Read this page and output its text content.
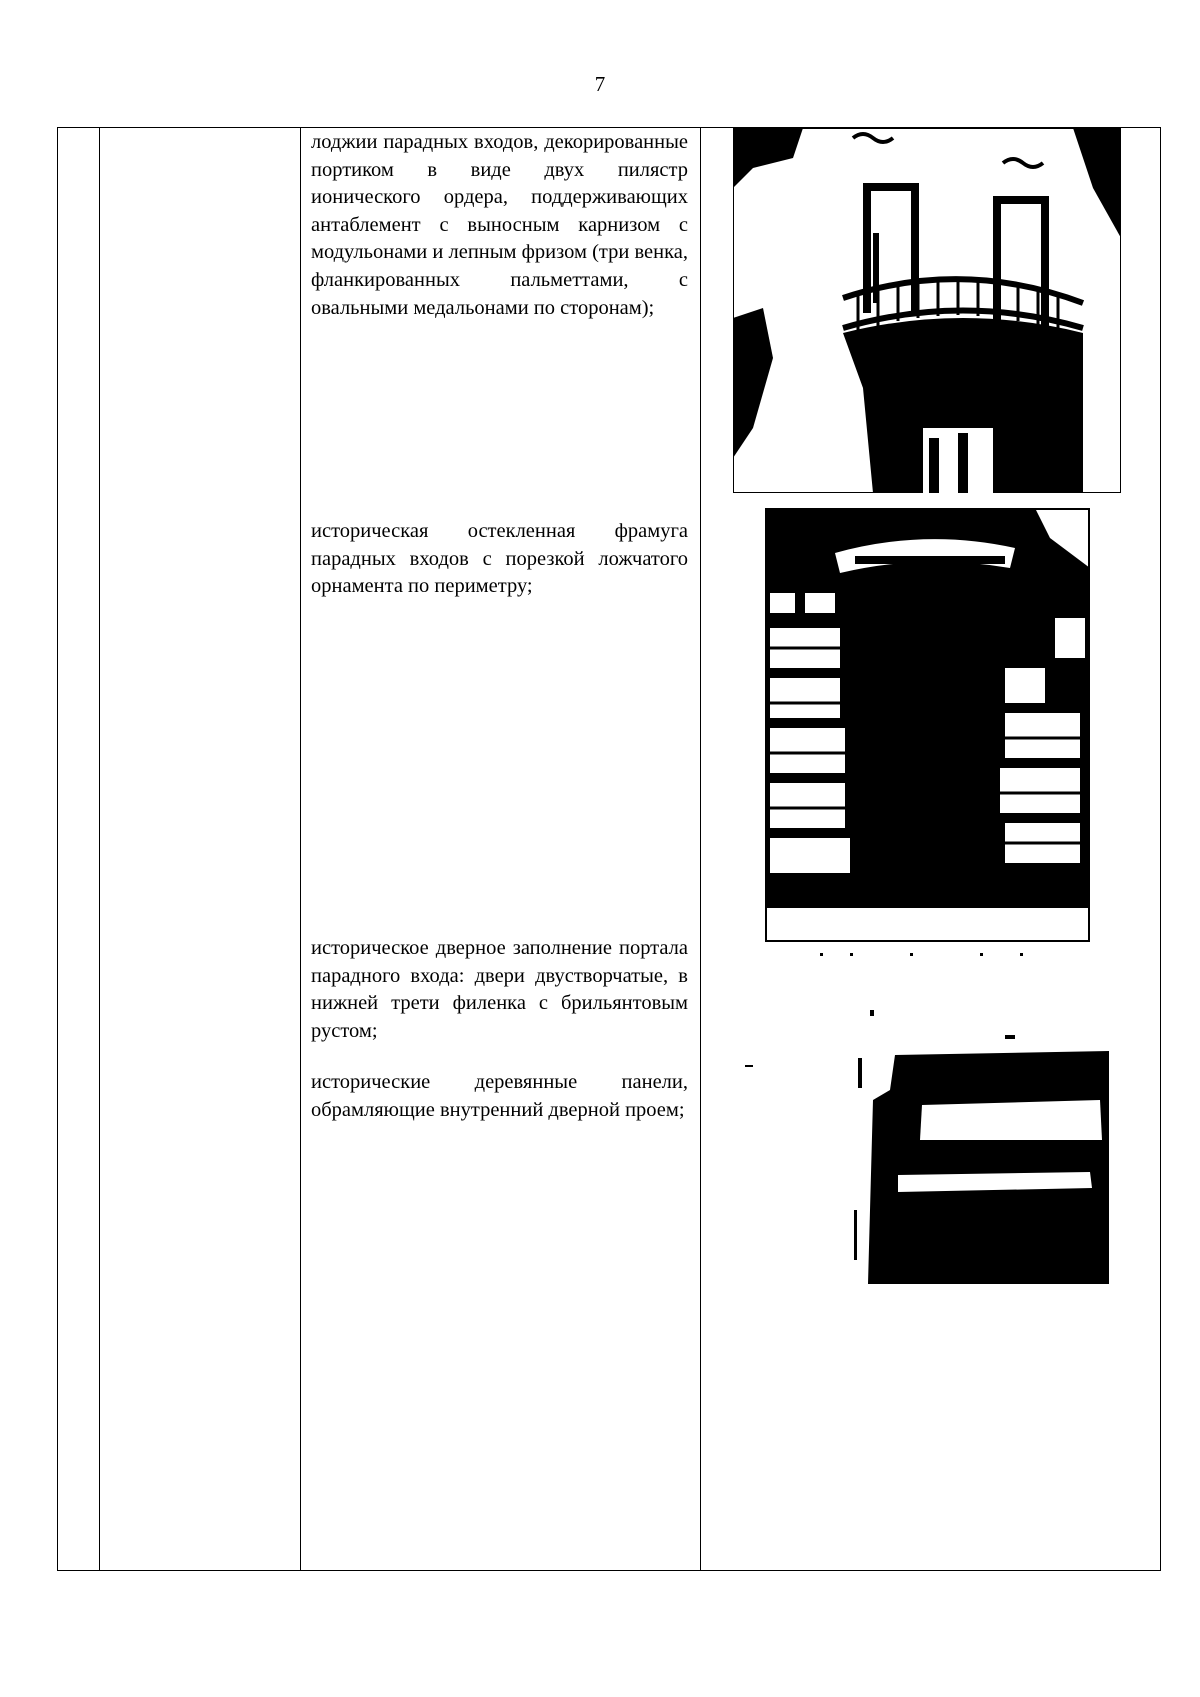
7

лоджии парадных входов, декорированные портиком в виде двух пилястр ионического ордера, поддерживающих антаблемент с выносным карнизом с модульонами и лепным фризом (три венка, фланкированных пальметтами, с овальными медальонами по сторонам);

историческая остекленная фрамуга парадных входов с порезкой ложчатого орнамента по периметру;

историческое дверное заполнение портала парадного входа: двери двустворчатые, в нижней трети филенка с брильянтовым рустом;

исторические деревянные панели, обрамляющие внутренний дверной проем;
